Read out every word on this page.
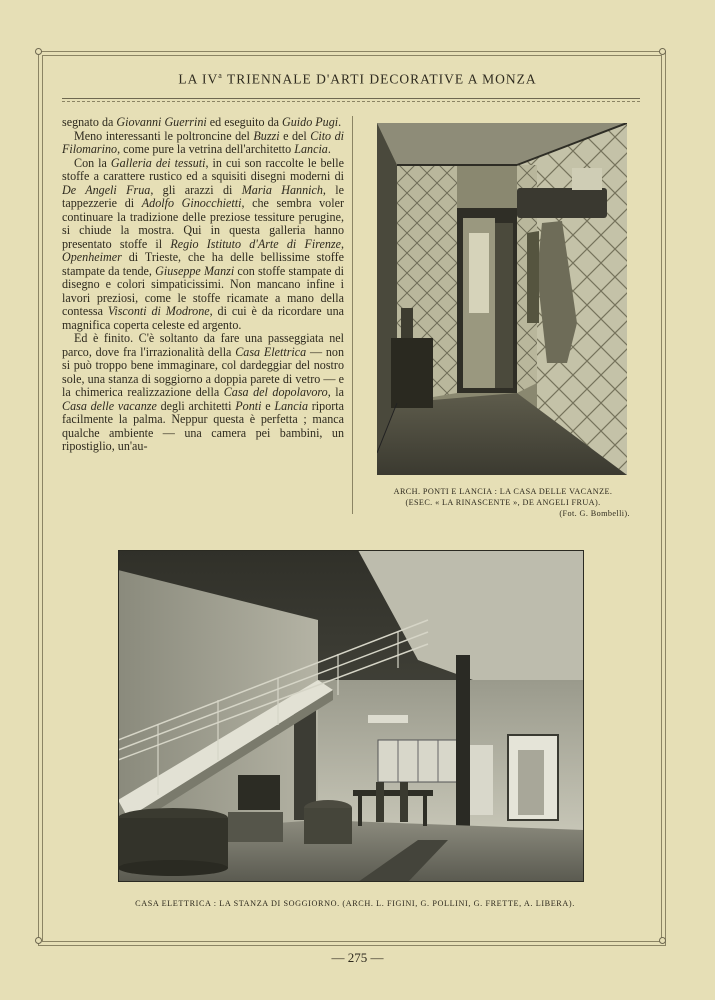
LA $IV^a$ TRIENNALE D'ARTI DECORATIVE A MONZA

segnato da Giovanni Guerrini ed eseguito da Guido Pugi.

Meno interessanti le poltroncine del Buzzi e del Cito di Filomarino, come pure la vetrina dell'architetto Lancia.

Con la Galleria dei tessuti, in cui son raccolte le belle stoffe a carattere rustico ed a squisiti disegni moderni di De Angeli Frua, gli arazzi di Maria Hannich, le tappezzerie di Adolfo Ginocchietti, che sembra voler continuare la tradizione delle preziose tessiture perugine, si chiude la mostra. Qui in questa galleria hanno presentato stoffe il Regio Istituto d'Arte di Firenze, Openheimer di Trieste, che ha delle bellissime stoffe stampate da tende, Giuseppe Manzi con stoffe stampate di disegno e colori simpaticissimi. Non mancano infine i lavori preziosi, come le stoffe ricamate a mano della contessa Visconti di Modrone, di cui è da ricordare una magnifica coperta celeste ed argento.

Ed è finito. C'è soltanto da fare una passeggiata nel parco, dove fra l'irrazionalità della Casa Elettrica — non si può troppo bene immaginare, col dardeggiar del nostro sole, una stanza di soggiorno a doppia parete di vetro — e la chimerica realizzazione della Casa del dopolavoro, la Casa delle vacanze degli architetti Ponti e Lancia riporta facilmente la palma. Neppur questa è perfetta ; manca qualche ambiente — una camera pei bambini, un ripostiglio, un'au-

ARCH. PONTI E LANCIA : LA CASA DELLE VACANZE.
(ESEC. « LA RINASCENTE », DE ANGELI FRUA).

(Fot. G. Bombelli).
CASA ELETTRICA : LA STANZA DI SOGGIORNO. (ARCH. L. FIGINI, G. POLLINI, G. FRETTE, A. LIBERA).
— 275 —
